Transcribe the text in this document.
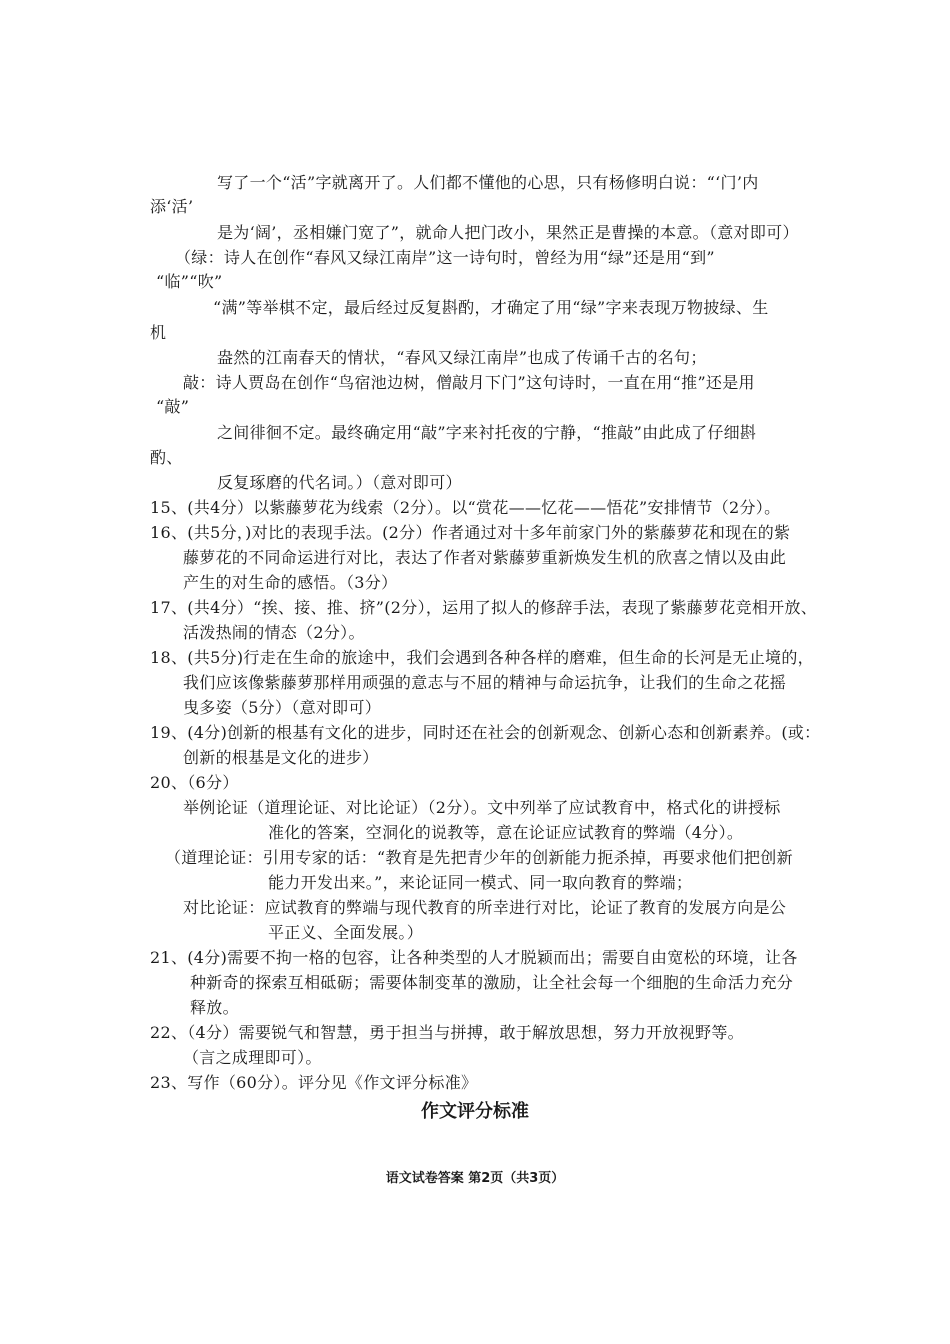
写了一个“活”字就离开了。人们都不懂他的心思，只有杨修明白说：“‘门’内
添‘活’
是为‘阔’，丞相嫌门宽了”，就命人把门改小，果然正是曹操的本意。（意对即可）
（绿：诗人在创作“春风又绿江南岸”这一诗句时，曾经为用“绿”还是用“到”
“临”“吹”
“满”等举棋不定，最后经过反复斟酌，才确定了用“绿”字来表现万物披绿、生
机
盎然的江南春天的情状，“春风又绿江南岸”也成了传诵千古的名句；
敲：诗人贾岛在创作“鸟宿池边树，僧敲月下门”这句诗时，一直在用“推”还是用
“敲”
之间徘徊不定。最终确定用“敲”字来衬托夜的宁静，“推敲”由此成了仔细斟
酌、
反复琢磨的代名词。）（意对即可）
15、(共4分）以紫藤萝花为线索（2分）。以“赏花——忆花——悟花”安排情节（2分）。
16、(共5分，)对比的表现手法。(2分）作者通过对十多年前家门外的紫藤萝花和现在的紫
藤萝花的不同命运进行对比，表达了作者对紫藤萝重新焕发生机的欣喜之情以及由此
产生的对生命的感悟。（3分）
17、(共4分）“挨、接、推、挤”(2分），运用了拟人的修辞手法，表现了紫藤萝花竞相开放、
活泼热闹的情态（2分）。
18、(共5分)行走在生命的旅途中，我们会遇到各种各样的磨难，但生命的长河是无止境的，
我们应该像紫藤萝那样用顽强的意志与不屈的精神与命运抗争，让我们的生命之花摇
曳多姿（5分）（意对即可）
19、(4分)创新的根基有文化的进步，同时还在社会的创新观念、创新心态和创新素养。(或：
创新的根基是文化的进步）
20、（6分）
举例论证（道理论证、对比论证）（2分）。文中列举了应试教育中，格式化的讲授标
准化的答案，空洞化的说教等，意在论证应试教育的弊端（4分）。
（道理论证：引用专家的话：“教育是先把青少年的创新能力扼杀掉，再要求他们把创新
能力开发出来。”，来论证同一模式、同一取向教育的弊端；
对比论证：应试教育的弊端与现代教育的所幸进行对比，论证了教育的发展方向是公
平正义、全面发展。）
21、(4分)需要不拘一格的包容，让各种类型的人才脱颖而出；需要自由宽松的环境，让各
种新奇的探索互相砥砺；需要体制变革的激励，让全社会每一个细胞的生命活力充分
释放。
22、（4分）需要锐气和智慧，勇于担当与拼搏，敢于解放思想，努力开放视野等。
（言之成理即可）。
23、写作（60分）。评分见《作文评分标准》
作文评分标准
语文试卷答案 第2页（共3页）
